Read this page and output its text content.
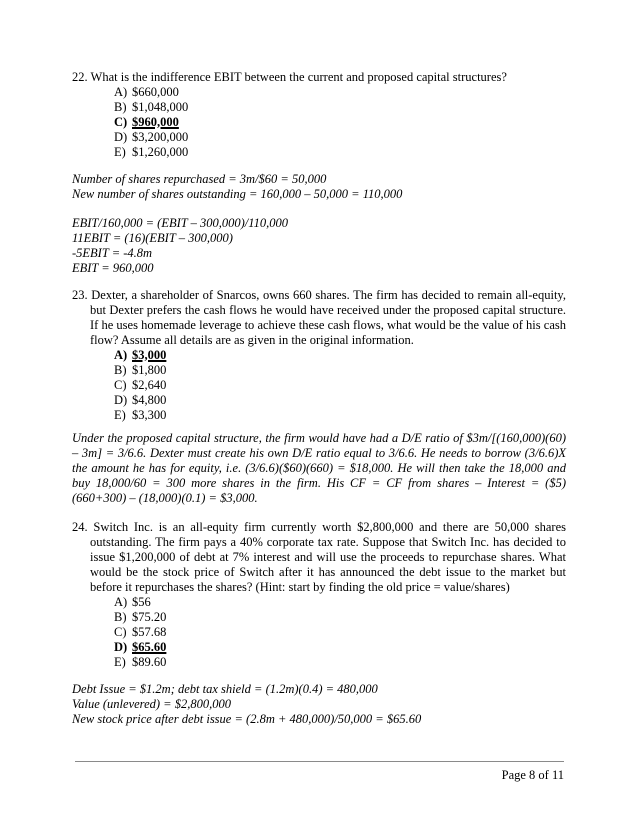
22. What is the indifference EBIT between the current and proposed capital structures?
A) $660,000
B) $1,048,000
C) $960,000
D) $3,200,000
E) $1,260,000
Number of shares repurchased = 3m/$60 = 50,000
New number of shares outstanding = 160,000 – 50,000 = 110,000
EBIT/160,000 = (EBIT – 300,000)/110,000
11EBIT = (16)(EBIT – 300,000)
-5EBIT = -4.8m
EBIT = 960,000
23. Dexter, a shareholder of Snarcos, owns 660 shares. The firm has decided to remain all-equity, but Dexter prefers the cash flows he would have received under the proposed capital structure. If he uses homemade leverage to achieve these cash flows, what would be the value of his cash flow? Assume all details are as given in the original information.
A) $3,000
B) $1,800
C) $2,640
D) $4,800
E) $3,300
Under the proposed capital structure, the firm would have had a D/E ratio of $3m/[(160,000)(60) – 3m] = 3/6.6. Dexter must create his own D/E ratio equal to 3/6.6. He needs to borrow (3/6.6)X the amount he has for equity, i.e. (3/6.6)($60)(660) = $18,000. He will then take the 18,000 and buy 18,000/60 = 300 more shares in the firm. His CF = CF from shares – Interest = ($5)(660+300) – (18,000)(0.1) = $3,000.
24. Switch Inc. is an all-equity firm currently worth $2,800,000 and there are 50,000 shares outstanding. The firm pays a 40% corporate tax rate. Suppose that Switch Inc. has decided to issue $1,200,000 of debt at 7% interest and will use the proceeds to repurchase shares. What would be the stock price of Switch after it has announced the debt issue to the market but before it repurchases the shares? (Hint: start by finding the old price = value/shares)
A) $56
B) $75.20
C) $57.68
D) $65.60
E) $89.60
Debt Issue = $1.2m; debt tax shield = (1.2m)(0.4) = 480,000
Value (unlevered) = $2,800,000
New stock price after debt issue = (2.8m + 480,000)/50,000 = $65.60
Page 8 of 11
